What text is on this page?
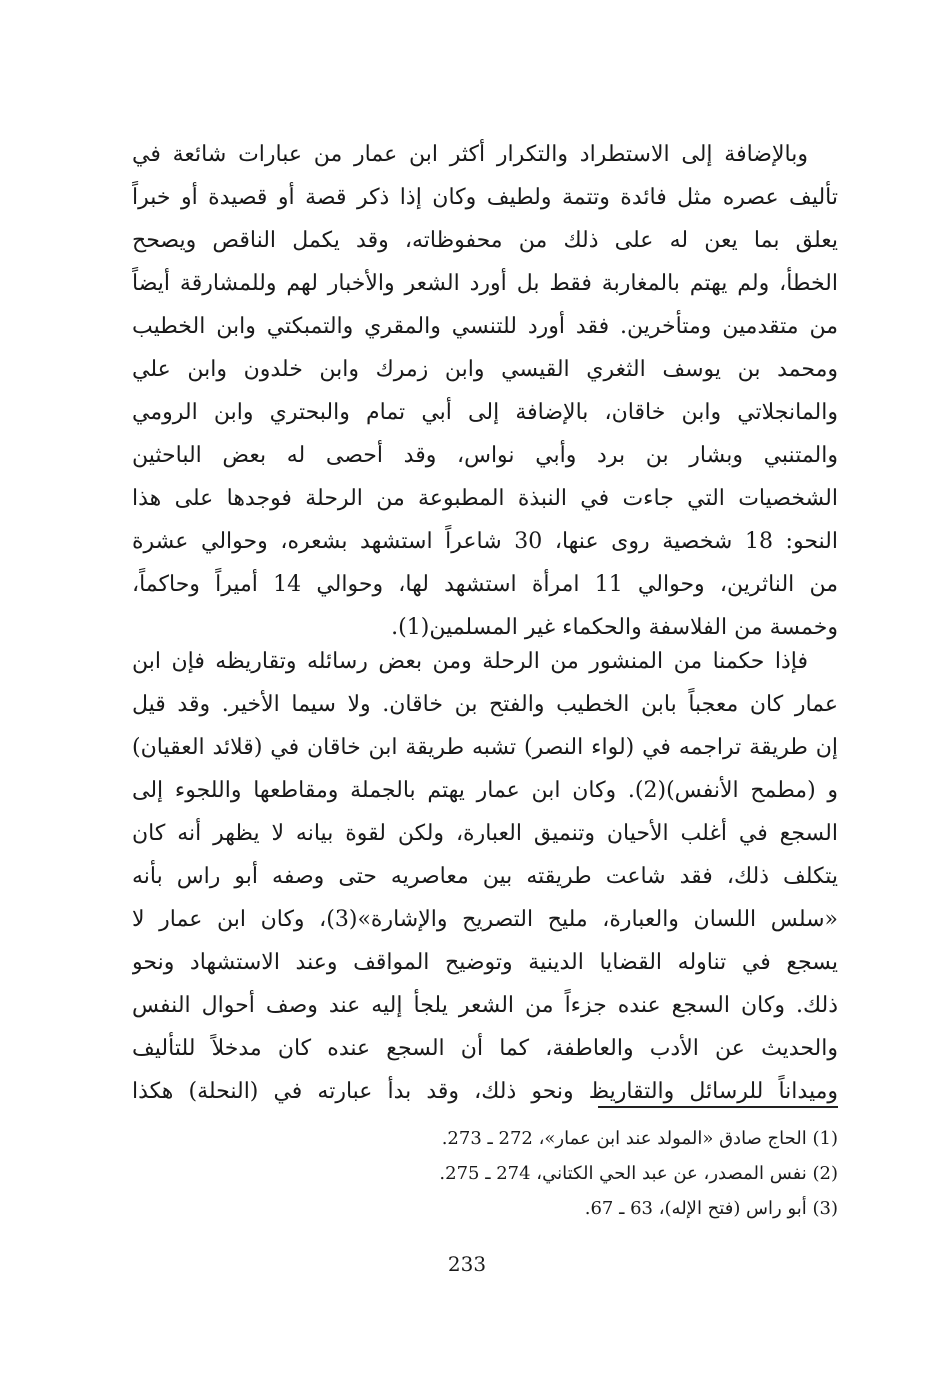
وبالإضافة إلى الاستطراد والتكرار أكثر ابن عمار من عبارات شائعة في
تأليف عصره مثل فائدة وتتمة ولطيف وكان إذا ذكر قصة أو قصيدة أو خبراً
يعلق بما يعن له على ذلك من محفوظاته، وقد يكمل الناقص ويصحح
الخطأ، ولم يهتم بالمغاربة فقط بل أورد الشعر والأخبار لهم وللمشارقة أيضاً
من متقدمين ومتأخرين. فقد أورد للتنسي والمقري والتمبكتي وابن الخطيب
ومحمد بن يوسف الثغري القيسي وابن زمرك وابن خلدون وابن علي
والمانجلاتي وابن خاقان، بالإضافة إلى أبي تمام والبحتري وابن الرومي
والمتنبي وبشار بن برد وأبي نواس، وقد أحصى له بعض الباحثين
الشخصيات التي جاءت في النبذة المطبوعة من الرحلة فوجدها على هذا
النحو: 18 شخصية روى عنها، 30 شاعراً استشهد بشعره، وحوالي عشرة
من الناثرين، وحوالي 11 امرأة استشهد لها، وحوالي 14 أميراً وحاكماً،
وخمسة من الفلاسفة والحكماء غير المسلمين(1).
فإذا حكمنا من المنشور من الرحلة ومن بعض رسائله وتقاريظه فإن ابن
عمار كان معجباً بابن الخطيب والفتح بن خاقان. ولا سيما الأخير. وقد قيل
إن طريقة تراجمه في (لواء النصر) تشبه طريقة ابن خاقان في (قلائد العقيان)
و (مطمح الأنفس)(2). وكان ابن عمار يهتم بالجملة ومقاطعها واللجوء إلى
السجع في أغلب الأحيان وتنميق العبارة، ولكن لقوة بيانه لا يظهر أنه كان
يتكلف ذلك، فقد شاعت طريقته بين معاصريه حتى وصفه أبو راس بأنه
«سلس اللسان والعبارة، مليح التصريح والإشارة»(3)، وكان ابن عمار لا
يسجع في تناوله القضايا الدينية وتوضيح المواقف وعند الاستشهاد ونحو
ذلك. وكان السجع عنده جزءاً من الشعر يلجأ إليه عند وصف أحوال النفس
والحديث عن الأدب والعاطفة، كما أن السجع عنده كان مدخلاً للتأليف
وميداناً للرسائل والتقاريظ ونحو ذلك، وقد بدأ عبارته في (النحلة) هكذا
(1) الحاج صادق «المولد عند ابن عمار»، 272 ـ 273.
(2) نفس المصدر، عن عبد الحي الكتاني، 274 ـ 275.
(3) أبو راس (فتح الإله)، 63 ـ 67.
233
